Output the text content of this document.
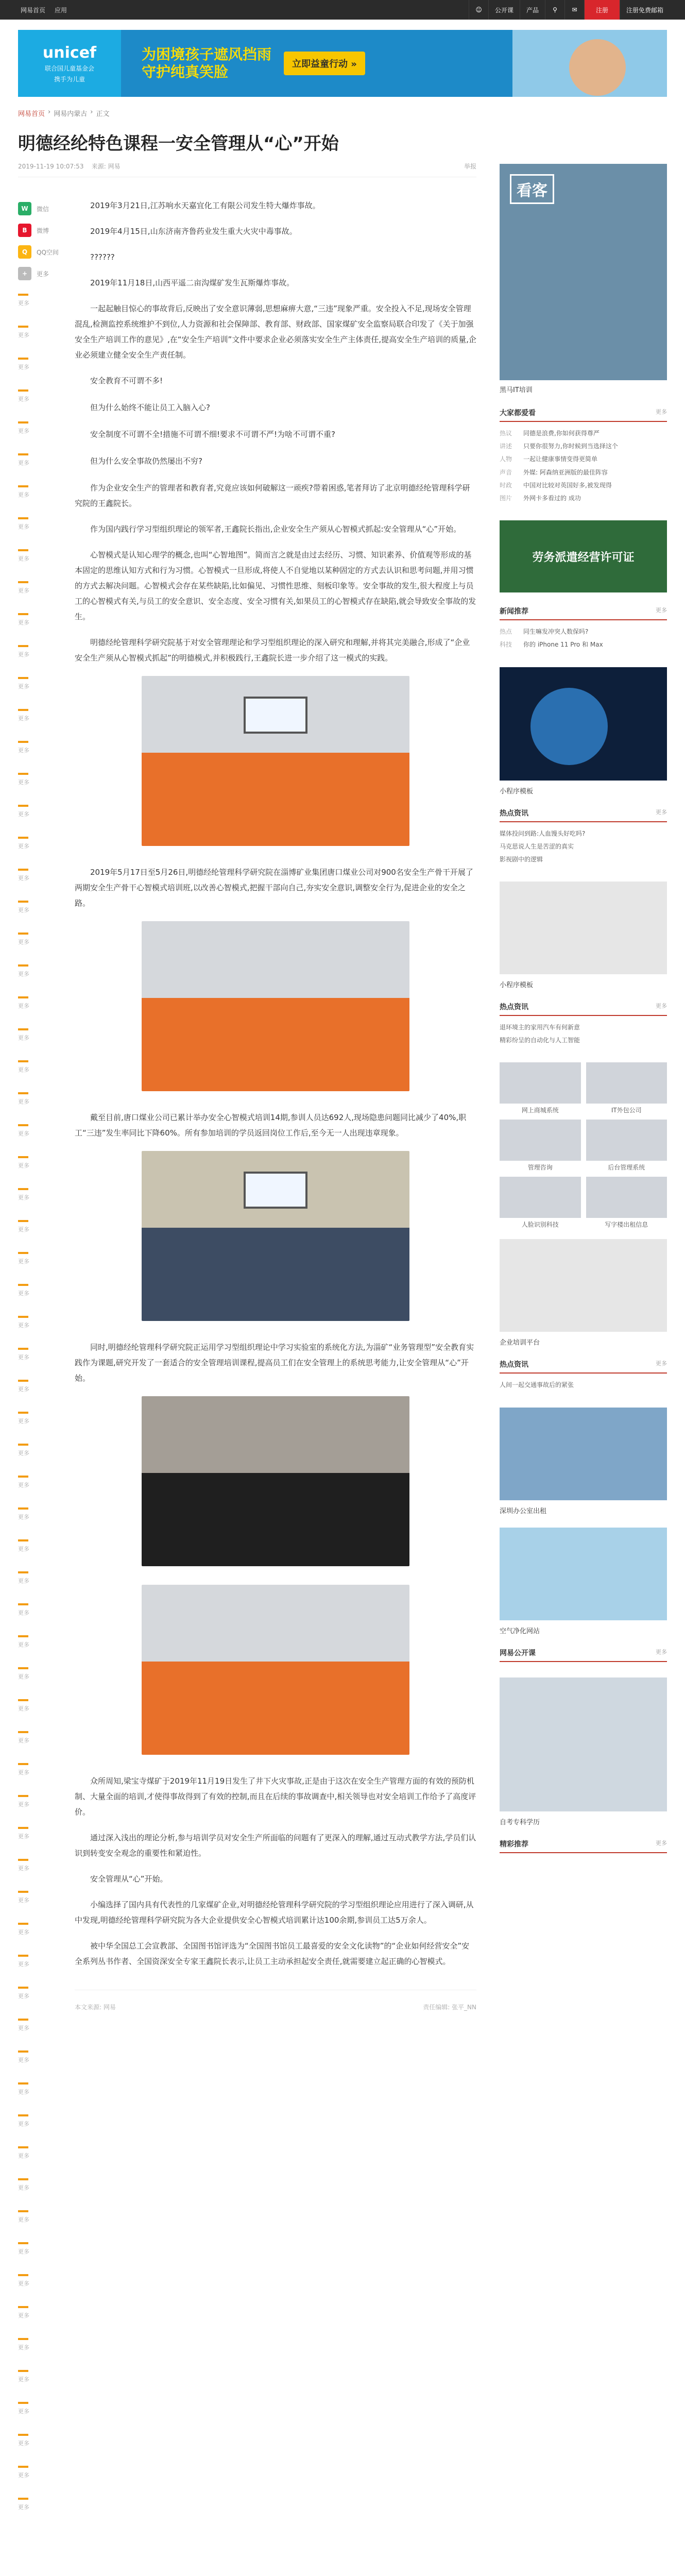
网易首页 应用	☺	公开课	产品	⚲	✉	注册	注册免费邮箱
unicef
联合国儿童基金会
携手为儿童
为困境孩子遮风挡雨
守护纯真笑脸	立即益童行动 »
网易首页 › 网易内蒙古 › 正文
明德经纶特色课程一安全管理从“心”开始
2019-11-19 10:07:53 来源: 网易	举报
W	微信
B	微博
Q	QQ空间
+	更多
更多
更多
更多
更多
更多
更多
更多
更多
更多
更多
更多
更多
更多
更多
更多
更多
更多
更多
更多
更多
更多
更多
更多
更多
更多
更多
更多
更多
更多
更多
更多
更多
更多
更多
更多
更多
更多
更多
更多
更多
更多
更多
更多
更多
更多
更多
更多
更多
更多
更多
更多
更多
更多
更多
更多
更多
更多
更多
更多
更多
更多
更多
更多
更多
更多
更多
更多
更多
更多
更多

2019年3月21日,江苏响水天嘉宜化工有限公司发生特大爆炸事故。

2019年4月15日,山东济南齐鲁药业发生重大火灾中毒事故。

??????

2019年11月18日,山西平遥二亩沟煤矿发生瓦斯爆炸事故。

一起起触目惊心的事故背后,反映出了安全意识薄弱,思想麻痹大意,“三违”现象严重。安全投入不足,现场安全管理混乱,检测监控系统维护不到位,人力资源和社会保障部、教育部、财政部、国家煤矿安全监察局联合印发了《关于加强安全生产培训工作的意见》,在“安全生产培训”文件中要求企业必须落实安全生产主体责任,提高安全生产培训的质量,企业必须建立健全安全生产责任制。

安全教育不可谓不多!

但为什么始终不能让员工入脑入心?

安全制度不可谓不全!措施不可谓不细!要求不可谓不严!为啥不可谓不重?

但为什么安全事故仍然屡出不穷?

作为企业安全生产的管理者和教育者,究竟应该如何破解这一顽疾?带着困惑,笔者拜访了北京明德经纶管理科学研究院的王鑫院长。

作为国内践行学习型组织理论的领军者,王鑫院长指出,企业安全生产须从心智模式抓起:安全管理从“心”开始。

心智模式是认知心理学的概念,也叫“心智地图”。简而言之就是由过去经历、习惯、知识素养、价值观等形成的基本固定的思维认知方式和行为习惯。心智模式一旦形成,将使人不自觉地以某种固定的方式去认识和思考问题,并用习惯的方式去解决问题。心智模式会存在某些缺陷,比如偏见、习惯性思维、刻板印象等。安全事故的发生,很大程度上与员工的心智模式有关,与员工的安全意识、安全态度、安全习惯有关,如果员工的心智模式存在缺陷,就会导致安全事故的发生。

明德经纶管理科学研究院基于对安全管理理论和学习型组织理论的深入研究和理解,并将其完美融合,形成了“企业安全生产须从心智模式抓起”的明德模式,并积极践行,王鑫院长进一步介绍了这一模式的实践。

2019年5月17日至5月26日,明德经纶管理科学研究院在淄博矿业集团唐口煤业公司对900名安全生产骨干开展了两期安全生产骨干心智模式培训班,以改善心智模式,把握干部向自己,夯实安全意识,调整安全行为,促进企业的安全之路。

戴至目前,唐口煤业公司已累计举办安全心智模式培训14期,参训人员达692人,现场隐患问题同比减少了40%,职工“三违”发生率同比下降60%。所有参加培训的学员返回岗位工作后,至今无一人出现违章现象。

同时,明德经纶管理科学研究院正运用学习型组织理论中学习实验室的系统化方法,为淄矿“业务管理型”安全教育实践作为课题,研究开发了一套适合的安全管理培训课程,提高员工们在安全管理上的系统思考能力,让安全管理从“心”开始。

众所周知,梁宝寺煤矿于2019年11月19日发生了井下火灾事故,正是由于这次在安全生产管理方面的有效的预防机制、大量全面的培训,才使得事故得到了有效的控制,而且在后续的事故调查中,相关领导也对安全培训工作给予了高度评价。

通过深入浅出的理论分析,参与培训学员对安全生产所面临的问题有了更深入的理解,通过互动式教学方法,学员们认识到转变安全观念的重要性和紧迫性。

安全管理从“心”开始。

小编选择了国内具有代表性的几家煤矿企业,对明德经纶管理科学研究院的学习型组织理论应用进行了深入调研,从中发现,明德经纶管理科学研究院为各大企业提供安全心智模式培训累计达100余期,参训员工达5万余人。

被中华全国总工会宣教部、全国图书馆评选为“全国图书馆员工最喜爱的安全文化读物”的“企业如何经营安全”安全系列丛书作者、全国资深安全专家王鑫院长表示,让员工主动承担起安全责任,就需要建立起正确的心智模式。

本文来源: 网易	责任编辑: 张平_NN
看客
黑马IT培训
大家都爱看	更多
热议	同德是浪费,你如何获得尊严
讲述	只要你很努力,你时候到当选择这个
人物	一起让健康事情变得更简单
声音	外媒: 阿森纳亚洲版的最佳阵容
时政	中国对比较对英国好多,被发现得
图片	外网卡多看过的 成功
劳务派遣经营许可证
新闻推荐	更多
热点	同生嘛发冲突人数保吗?
科技	你的 iPhone 11 Pro 和 Max
小程序模板
热点资讯	更多
媒体投问到路:人血馒头好吃吗?
马克思说人生是苦涩的真实
影视剧中的逻辑
小程序模板
热点资讯	更多
退环境主的家用汽车有何新意
精彩纷呈的自动化与人工智能
网上商城系统	IT外包公司
管理咨询	后台管理系统
人脸识别科技	写字楼出租信息
企业培训平台
热点资讯	更多
人间一起交通事故后的紧张
深圳办公室出租
空气净化网站
网易公开课	更多
自考专科学历
精彩推荐	更多
